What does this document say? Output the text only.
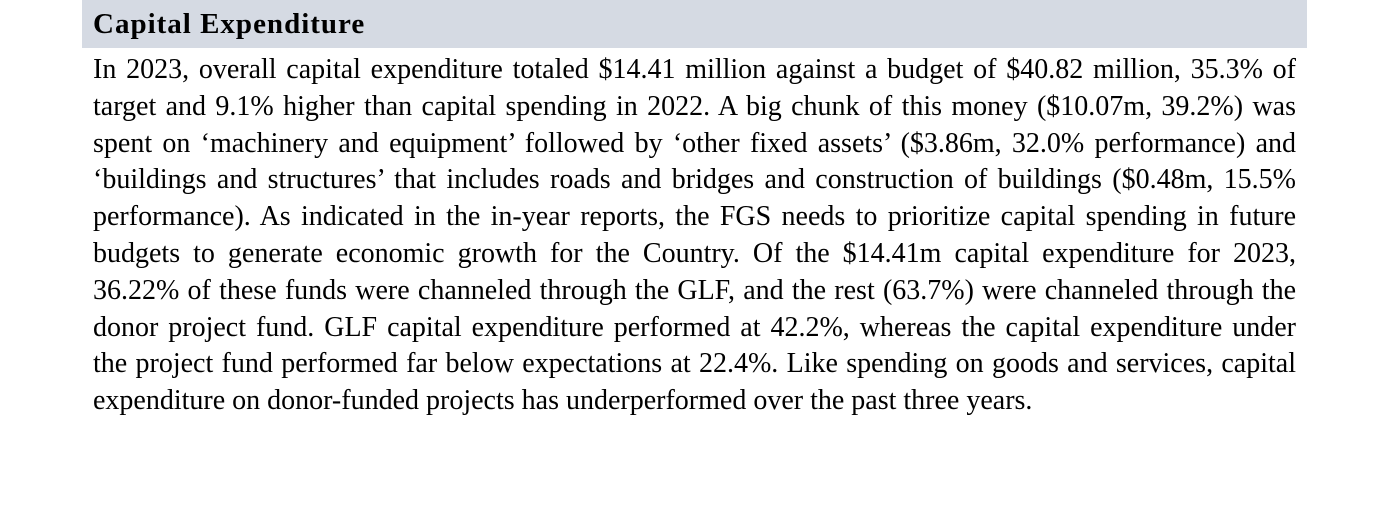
Capital Expenditure

In 2023, overall capital expenditure totaled $14.41 million against a budget of $40.82 million, 35.3% of target and 9.1% higher than capital spending in 2022. A big chunk of this money ($10.07m, 39.2%) was spent on ‘machinery and equipment’ followed by ‘other fixed assets’ ($3.86m, 32.0% performance) and ‘buildings and structures’ that includes roads and bridges and construction of buildings ($0.48m, 15.5% performance). As indicated in the in-year reports, the FGS needs to prioritize capital spending in future budgets to generate economic growth for the Country. Of the $14.41m capital expenditure for 2023, 36.22% of these funds were channeled through the GLF, and the rest (63.7%) were channeled through the donor project fund. GLF capital expenditure performed at 42.2%, whereas the capital expenditure under the project fund performed far below expectations at 22.4%. Like spending on goods and services, capital expenditure on donor-funded projects has underperformed over the past three years.
